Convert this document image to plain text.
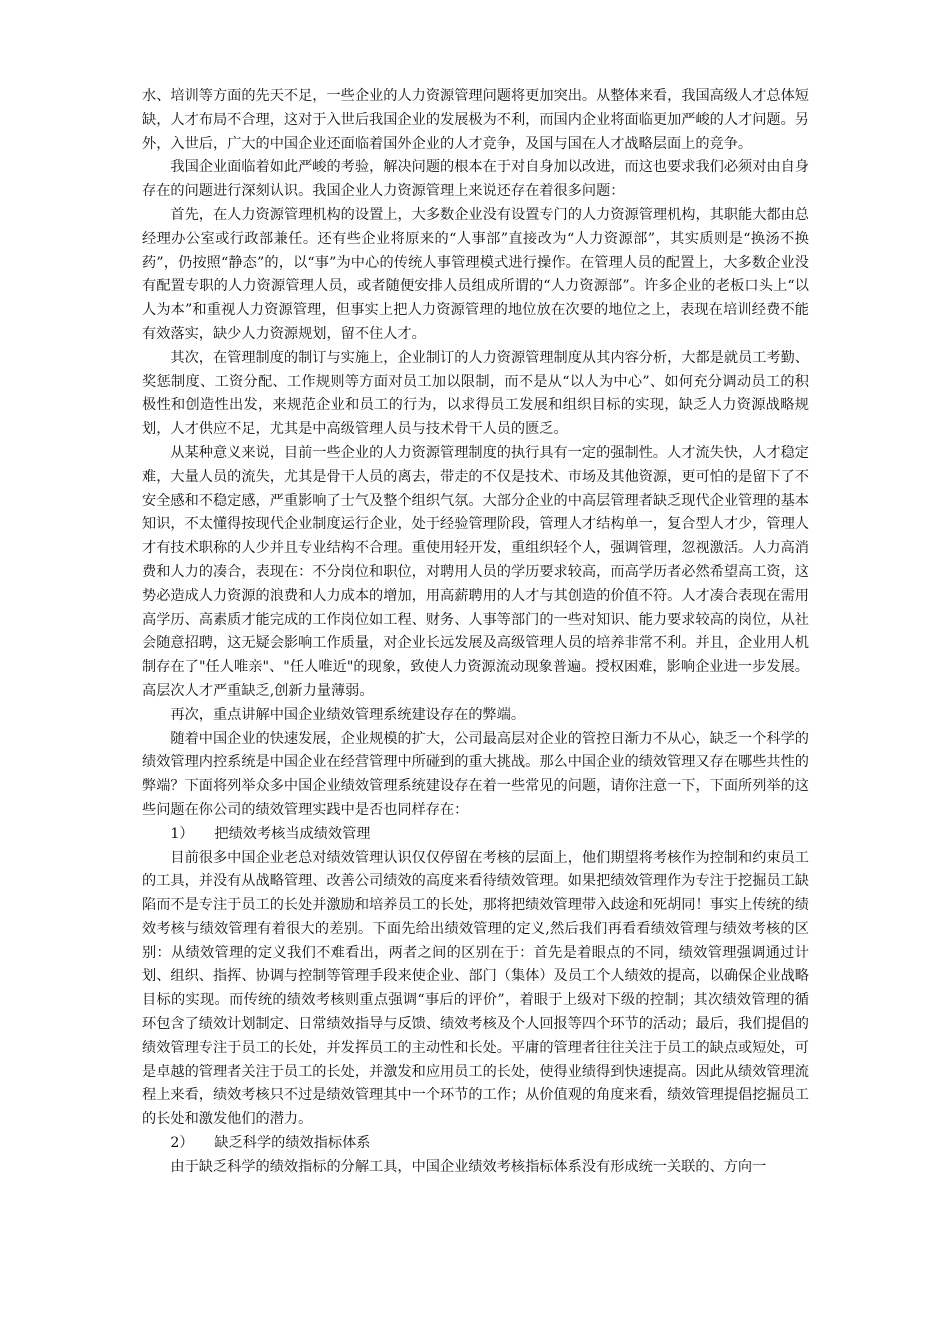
水、培训等方面的先天不足，一些企业的人力资源管理问题将更加突出。从整体来看，我国高级人才总体短缺，人才布局不合理，这对于入世后我国企业的发展极为不利，而国内企业将面临更加严峻的人才问题。另外，入世后，广大的中国企业还面临着国外企业的人才竞争，及国与国在人才战略层面上的竞争。

我国企业面临着如此严峻的考验，解决问题的根本在于对自身加以改进，而这也要求我们必须对由自身存在的问题进行深刻认识。我国企业人力资源管理上来说还存在着很多问题：

首先，在人力资源管理机构的设置上，大多数企业没有设置专门的人力资源管理机构，其职能大都由总经理办公室或行政部兼任。还有些企业将原来的“人事部”直接改为“人力资源部”，其实质则是“换汤不换药”，仍按照“静态”的，以“事”为中心的传统人事管理模式进行操作。在管理人员的配置上，大多数企业没有配置专职的人力资源管理人员，或者随便安排人员组成所谓的“人力资源部”。许多企业的老板口头上“以人为本”和重视人力资源管理，但事实上把人力资源管理的地位放在次要的地位之上，表现在培训经费不能有效落实，缺少人力资源规划，留不住人才。

其次，在管理制度的制订与实施上，企业制订的人力资源管理制度从其内容分析，大都是就员工考勤、奖惩制度、工资分配、工作规则等方面对员工加以限制，而不是从“以人为中心”、如何充分调动员工的积极性和创造性出发，来规范企业和员工的行为，以求得员工发展和组织目标的实现，缺乏人力资源战略规划，人才供应不足，尤其是中高级管理人员与技术骨干人员的匮乏。

从某种意义来说，目前一些企业的人力资源管理制度的执行具有一定的强制性。人才流失快，人才稳定难，大量人员的流失，尤其是骨干人员的离去，带走的不仅是技术、市场及其他资源，更可怕的是留下了不安全感和不稳定感，严重影响了士气及整个组织气氛。大部分企业的中高层管理者缺乏现代企业管理的基本知识，不太懂得按现代企业制度运行企业，处于经验管理阶段，管理人才结构单一，复合型人才少，管理人才有技术职称的人少并且专业结构不合理。重使用轻开发，重组织轻个人，强调管理，忽视激活。人力高消费和人力的凑合，表现在：不分岗位和职位，对聘用人员的学历要求较高，而高学历者必然希望高工资，这势必造成人力资源的浪费和人力成本的增加，用高薪聘用的人才与其创造的价值不符。人才凑合表现在需用高学历、高素质才能完成的工作岗位如工程、财务、人事等部门的一些对知识、能力要求较高的岗位，从社会随意招聘，这无疑会影响工作质量，对企业长远发展及高级管理人员的培养非常不利。并且，企业用人机制存在了"任人唯亲"、"任人唯近"的现象，致使人力资源流动现象普遍。授权困难，影响企业进一步发展。高层次人才严重缺乏,创新力量薄弱。

再次，重点讲解中国企业绩效管理系统建设存在的弊端。

随着中国企业的快速发展，企业规模的扩大，公司最高层对企业的管控日渐力不从心，缺乏一个科学的绩效管理内控系统是中国企业在经营管理中所碰到的重大挑战。那么中国企业的绩效管理又存在哪些共性的弊端？下面将列举众多中国企业绩效管理系统建设存在着一些常见的问题，请你注意一下，下面所列举的这些问题在你公司的绩效管理实践中是否也同样存在：

1） 把绩效考核当成绩效管理

目前很多中国企业老总对绩效管理认识仅仅停留在考核的层面上，他们期望将考核作为控制和约束员工的工具，并没有从战略管理、改善公司绩效的高度来看待绩效管理。如果把绩效管理作为专注于挖掘员工缺陷而不是专注于员工的长处并激励和培养员工的长处，那将把绩效管理带入歧途和死胡同！事实上传统的绩效考核与绩效管理有着很大的差别。下面先给出绩效管理的定义,然后我们再看看绩效管理与绩效考核的区别：从绩效管理的定义我们不难看出，两者之间的区别在于：首先是着眼点的不同，绩效管理强调通过计划、组织、指挥、协调与控制等管理手段来使企业、部门（集体）及员工个人绩效的提高，以确保企业战略目标的实现。而传统的绩效考核则重点强调“事后的评价”，着眼于上级对下级的控制；其次绩效管理的循环包含了绩效计划制定、日常绩效指导与反馈、绩效考核及个人回报等四个环节的活动；最后，我们提倡的绩效管理专注于员工的长处，并发挥员工的主动性和长处。平庸的管理者往往关注于员工的缺点或短处，可是卓越的管理者关注于员工的长处，并激发和应用员工的长处，使得业绩得到快速提高。因此从绩效管理流程上来看，绩效考核只不过是绩效管理其中一个环节的工作；从价值观的角度来看，绩效管理提倡挖掘员工的长处和激发他们的潜力。

2） 缺乏科学的绩效指标体系

由于缺乏科学的绩效指标的分解工具，中国企业绩效考核指标体系没有形成统一关联的、方向一
